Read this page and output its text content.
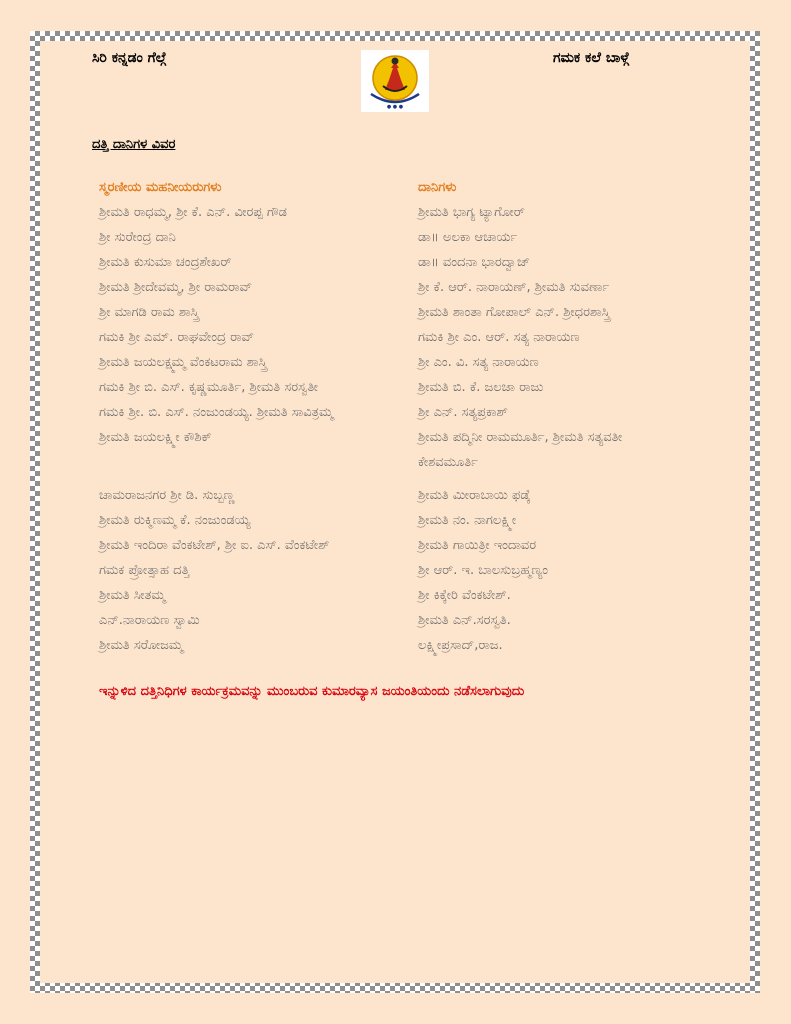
ಸಿರಿ ಕನ್ನಡಂ ಗೆಲ್ಗೆ
● ● ●
ಗಮಕ ಕಲೆ ಬಾಳ್ಗೆ
ದತ್ತಿ ದಾನಿಗಳ ವಿವರ
ಸ್ಮರಣೀಯ ಮಹನೀಯರುಗಳು	ದಾನಿಗಳು
ಶ್ರೀಮತಿ ರಾಧಮ್ಮ, ಶ್ರೀ ಕೆ. ಎನ್. ವೀರಪ್ಪ ಗೌಡ	ಶ್ರೀಮತಿ ಭಾಗ್ಯ ಟ್ಯಾಗೋರ್
ಶ್ರೀ ಸುರೇಂದ್ರ ದಾನಿ	ಡಾ॥ ಅಲಕಾ ಆಚಾರ್ಯ
ಶ್ರೀಮತಿ ಕುಸುಮಾ ಚಂದ್ರಶೇಖರ್	ಡಾ॥ ವಂದನಾ ಭಾರದ್ವಾಜ್
ಶ್ರೀಮತಿ ಶ್ರೀದೇವಮ್ಮ, ಶ್ರೀ ರಾಮರಾವ್	ಶ್ರೀ ಕೆ. ಆರ್. ನಾರಾಯಣ್, ಶ್ರೀಮತಿ ಸುವರ್ಣಾ
ಶ್ರೀ ಮಾಗಡಿ ರಾಮ ಶಾಸ್ತ್ರಿ	ಶ್ರೀಮತಿ ಶಾಂತಾ ಗೋಪಾಲ್ ಎನ್. ಶ್ರೀಧರಶಾಸ್ತ್ರಿ
ಗಮಕಿ ಶ್ರೀ ಎಮ್. ರಾಘವೇಂದ್ರ ರಾವ್	ಗಮಕಿ ಶ್ರೀ ಎಂ. ಆರ್. ಸತ್ಯ ನಾರಾಯಣ
ಶ್ರೀಮತಿ ಜಯಲಕ್ಷ್ಮಮ್ಮ ವೆಂಕಟರಾಮ ಶಾಸ್ತ್ರಿ	ಶ್ರೀ ಎಂ. ವಿ. ಸತ್ಯ ನಾರಾಯಣ
ಗಮಕಿ ಶ್ರೀ ಬಿ. ಎಸ್. ಕೃಷ್ಣಮೂರ್ತಿ, ಶ್ರೀಮತಿ ಸರಸ್ವತೀ	ಶ್ರೀಮತಿ ಬಿ. ಕೆ. ಜಲಜಾ ರಾಜು
ಗಮಕಿ ಶ್ರೀ. ಬಿ. ಎಸ್. ನಂಜುಂಡಯ್ಯ. ಶ್ರೀಮತಿ ಸಾವಿತ್ರಮ್ಮ	ಶ್ರೀ ಎನ್. ಸತ್ಯಪ್ರಕಾಶ್
ಶ್ರೀಮತಿ ಜಯಲಕ್ಷ್ಮೀ ಕೌಶಿಕ್	ಶ್ರೀಮತಿ ಪದ್ಮಿನೀ ರಾಮಮೂರ್ತಿ, ಶ್ರೀಮತಿ ಸತ್ಯವತೀ
ಕೇಶವಮೂರ್ತಿ
ಚಾಮರಾಜನಗರ ಶ್ರೀ ಡಿ. ಸುಬ್ಬಣ್ಣ	ಶ್ರೀಮತಿ ಮೀರಾಬಾಯಿ ಫಡ್ಕೆ
ಶ್ರೀಮತಿ ರುಕ್ಮಿಣಮ್ಮ ಕೆ. ನಂಜುಂಡಯ್ಯ	ಶ್ರೀಮತಿ ನಂ. ನಾಗಲಕ್ಷ್ಮೀ
ಶ್ರೀಮತಿ ಇಂದಿರಾ ವೆಂಕಟೇಶ್, ಶ್ರೀ ಐ. ಎಸ್. ವೆಂಕಟೇಶ್	ಶ್ರೀಮತಿ ಗಾಯಿತ್ರೀ ಇಂದಾವರ
ಗಮಕ ಪ್ರೋತ್ಸಾಹ ದತ್ತಿ	ಶ್ರೀ ಆರ್. ಇ. ಬಾಲಸುಬ್ರಹ್ಮಣ್ಯಂ
ಶ್ರೀಮತಿ ಸೀತಮ್ಮ	ಶ್ರೀ ಕಿಕ್ಕೇರಿ ವೆಂಕಟೇಶ್.
ಎನ್.ನಾರಾಯಣ ಸ್ವಾಮಿ	ಶ್ರೀಮತಿ ಎನ್.ಸರಸ್ವತಿ.
ಶ್ರೀಮತಿ ಸರೋಜಮ್ಮ	ಲಕ್ಷ್ಮೀಪ್ರಸಾದ್,ರಾಜ.
ಇನ್ನುಳಿದ ದತ್ತಿನಿಧಿಗಳ ಕಾರ್ಯಕ್ರಮವನ್ನು ಮುಂಬರುವ ಕುಮಾರವ್ಯಾಸ ಜಯಂತಿಯಂದು ನಡೆಸಲಾಗುವುದು
